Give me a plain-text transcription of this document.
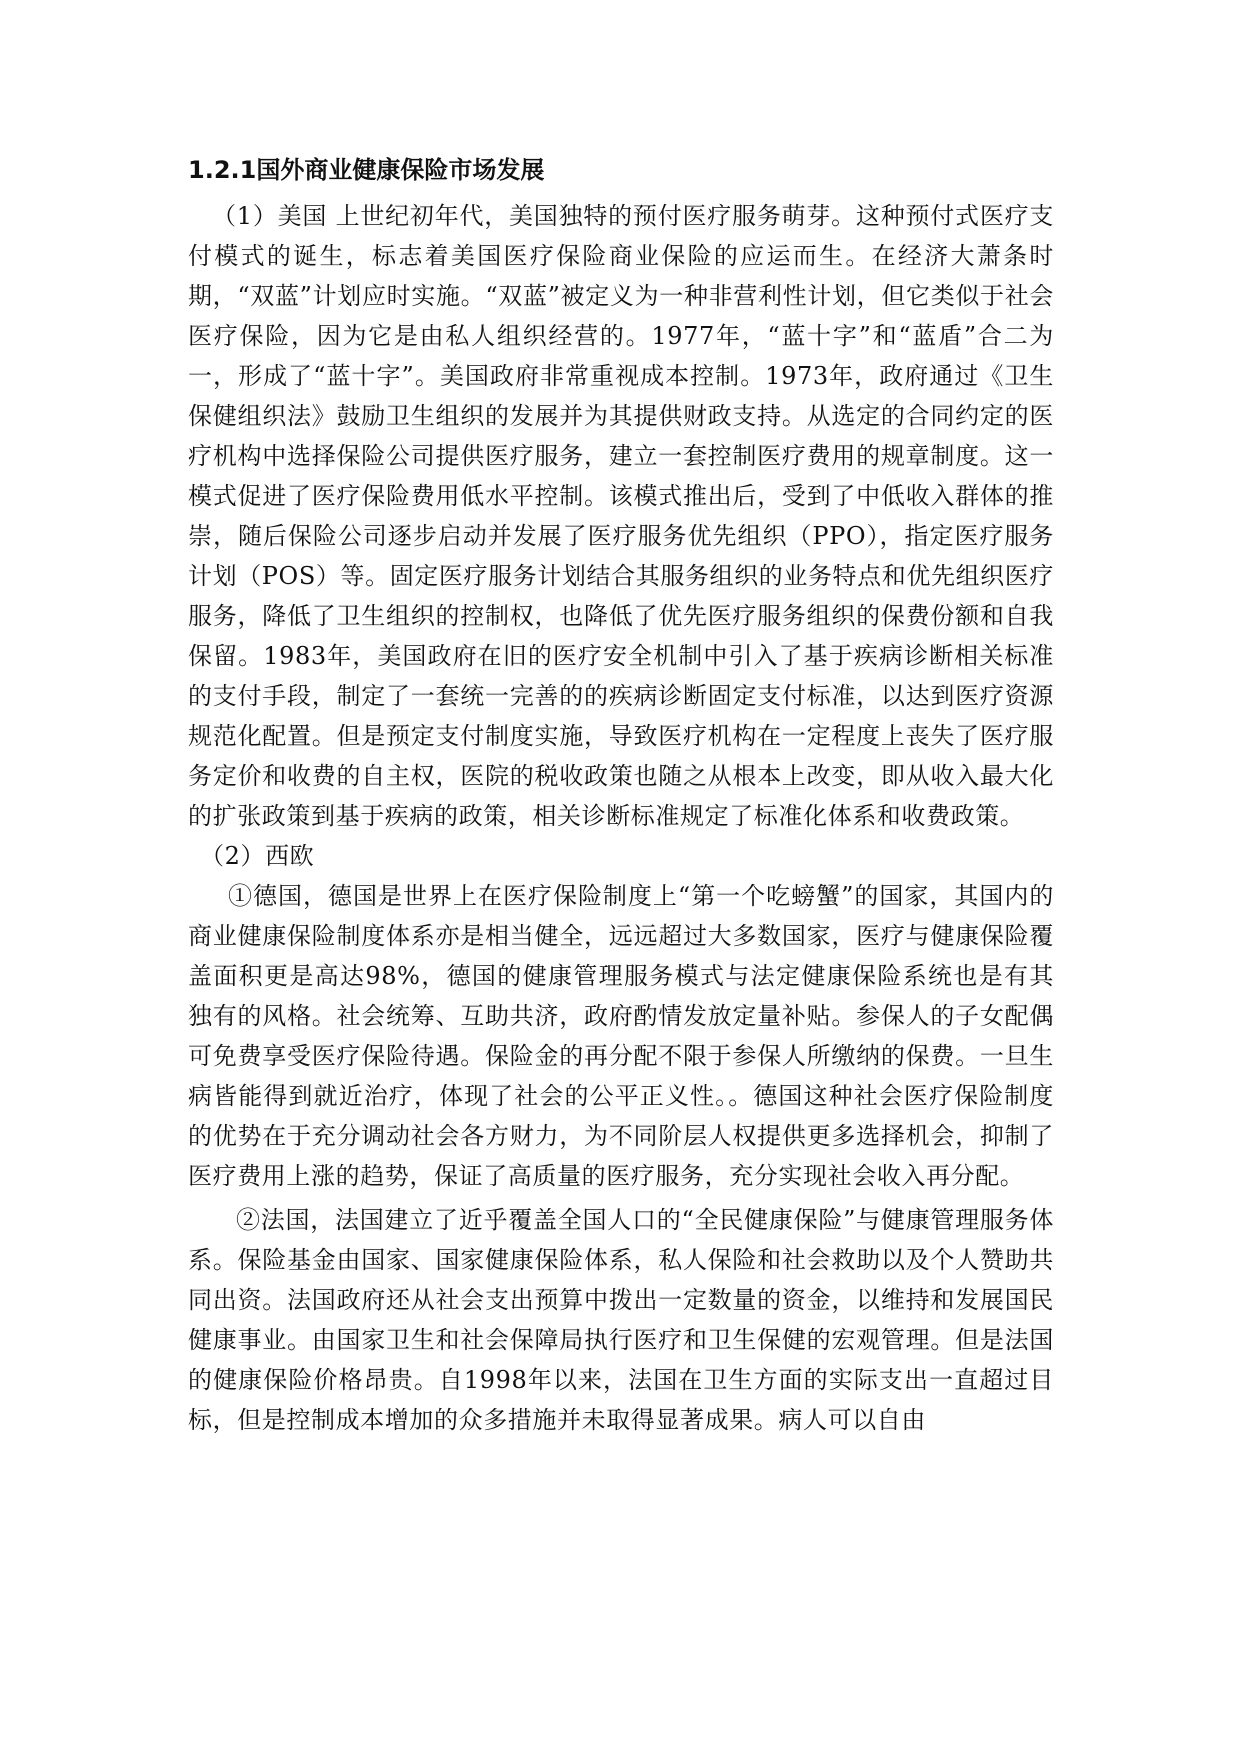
1.2.1国外商业健康保险市场发展

（1）美国 上世纪初年代，美国独特的预付医疗服务萌芽。这种预付式医疗支付模式的诞生，标志着美国医疗保险商业保险的应运而生。在经济大萧条时期，“双蓝”计划应时实施。“双蓝”被定义为一种非营利性计划，但它类似于社会医疗保险，因为它是由私人组织经营的。1977年，“蓝十字”和“蓝盾”合二为一，形成了“蓝十字”。美国政府非常重视成本控制。1973年，政府通过《卫生保健组织法》鼓励卫生组织的发展并为其提供财政支持。从选定的合同约定的医疗机构中选择保险公司提供医疗服务，建立一套控制医疗费用的规章制度。这一模式促进了医疗保险费用低水平控制。该模式推出后，受到了中低收入群体的推崇，随后保险公司逐步启动并发展了医疗服务优先组织（PPO），指定医疗服务计划（POS）等。固定医疗服务计划结合其服务组织的业务特点和优先组织医疗服务，降低了卫生组织的控制权，也降低了优先医疗服务组织的保费份额和自我保留。1983年，美国政府在旧的医疗安全机制中引入了基于疾病诊断相关标准的支付手段，制定了一套统一完善的的疾病诊断固定支付标准，以达到医疗资源规范化配置。但是预定支付制度实施，导致医疗机构在一定程度上丧失了医疗服务定价和收费的自主权，医院的税收政策也随之从根本上改变，即从收入最大化的扩张政策到基于疾病的政策，相关诊断标准规定了标准化体系和收费政策。

（2）西欧

①德国，德国是世界上在医疗保险制度上“第一个吃螃蟹”的国家，其国内的商业健康保险制度体系亦是相当健全，远远超过大多数国家，医疗与健康保险覆盖面积更是高达98%，德国的健康管理服务模式与法定健康保险系统也是有其独有的风格。社会统筹、互助共济，政府酌情发放定量补贴。参保人的子女配偶可免费享受医疗保险待遇。保险金的再分配不限于参保人所缴纳的保费。一旦生病皆能得到就近治疗，体现了社会的公平正义性。。德国这种社会医疗保险制度的优势在于充分调动社会各方财力，为不同阶层人权提供更多选择机会，抑制了医疗费用上涨的趋势，保证了高质量的医疗服务，充分实现社会收入再分配。

②法国，法国建立了近乎覆盖全国人口的“全民健康保险”与健康管理服务体系。保险基金由国家、国家健康保险体系，私人保险和社会救助以及个人赞助共同出资。法国政府还从社会支出预算中拨出一定数量的资金，以维持和发展国民健康事业。由国家卫生和社会保障局执行医疗和卫生保健的宏观管理。但是法国的健康保险价格昂贵。自1998年以来，法国在卫生方面的实际支出一直超过目标，但是控制成本增加的众多措施并未取得显著成果。病人可以自由
